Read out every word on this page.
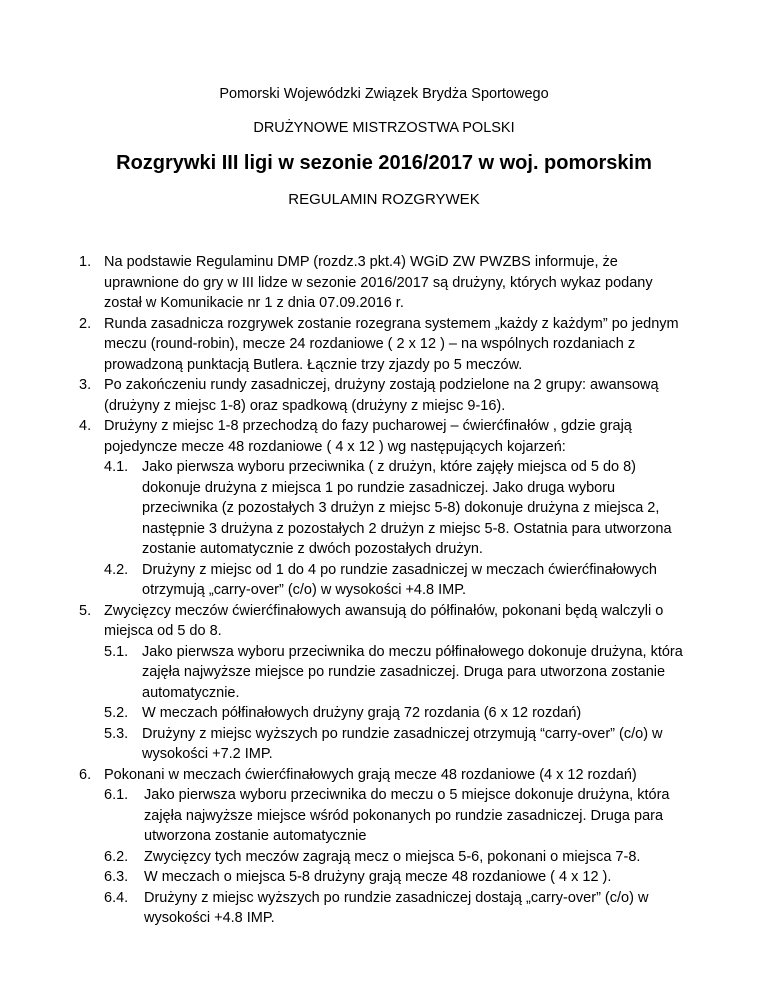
Pomorski Wojewódzki Związek Brydża Sportowego
DRUŻYNOWE MISTRZOSTWA POLSKI
Rozgrywki III ligi w sezonie 2016/2017 w woj. pomorskim
REGULAMIN ROZGRYWEK
1. Na podstawie Regulaminu DMP (rozdz.3 pkt.4) WGiD ZW PWZBS informuje, że uprawnione do gry w III lidze w sezonie 2016/2017 są drużyny, których wykaz podany został w Komunikacie nr 1 z dnia 07.09.2016 r.
2. Runda zasadnicza rozgrywek zostanie rozegrana systemem „każdy z każdym” po jednym meczu (round-robin), mecze 24 rozdaniowe ( 2 x 12 ) – na wspólnych rozdaniach z prowadzoną punktacją Butlera. Łącznie trzy zjazdy po 5 meczów.
3. Po zakończeniu rundy zasadniczej, drużyny zostają podzielone na 2 grupy: awansową (drużyny z miejsc 1-8) oraz spadkową (drużyny z miejsc 9-16).
4. Drużyny z miejsc 1-8 przechodzą do fazy pucharowej – ćwierćfinałów , gdzie grają pojedyncze mecze 48 rozdaniowe ( 4 x 12 ) wg następujących kojarzeń:
4.1. Jako pierwsza wyboru przeciwnika ( z drużyn, które zajęły miejsca od 5 do 8) dokonuje drużyna z miejsca 1 po rundzie zasadniczej. Jako druga wyboru przeciwnika (z pozostałych 3 drużyn z miejsc 5-8) dokonuje drużyna z miejsca 2, następnie 3 drużyna z pozostałych 2 drużyn z miejsc 5-8. Ostatnia para utworzona zostanie automatycznie z dwóch pozostałych drużyn.
4.2. Drużyny z miejsc od 1 do 4 po rundzie zasadniczej w meczach ćwierćfinałowych otrzymują „carry-over” (c/o) w wysokości +4.8 IMP.
5. Zwycięzcy meczów ćwierćfinałowych awansują do półfinałów, pokonani będą walczyli o miejsca od 5 do 8.
5.1. Jako pierwsza wyboru przeciwnika do meczu półfinałowego dokonuje drużyna, która zajęła najwyższe miejsce po rundzie zasadniczej. Druga para utworzona zostanie automatycznie.
5.2. W meczach półfinałowych drużyny grają 72 rozdania (6 x 12 rozdań)
5.3. Drużyny z miejsc wyższych po rundzie zasadniczej otrzymują “carry-over” (c/o) w wysokości +7.2 IMP.
6. Pokonani w meczach ćwierćfinałowych grają mecze 48 rozdaniowe (4 x 12 rozdań)
6.1. Jako pierwsza wyboru przeciwnika do meczu o 5 miejsce dokonuje drużyna, która zajęła najwyższe miejsce wśród pokonanych po rundzie zasadniczej. Druga para utworzona zostanie automatycznie
6.2. Zwycięzcy tych meczów zagrają mecz o miejsca 5-6, pokonani o miejsca 7-8.
6.3. W meczach o miejsca 5-8 drużyny grają mecze 48 rozdaniowe ( 4 x 12 ).
6.4. Drużyny z miejsc wyższych po rundzie zasadniczej dostają „carry-over” (c/o) w wysokości +4.8 IMP.
